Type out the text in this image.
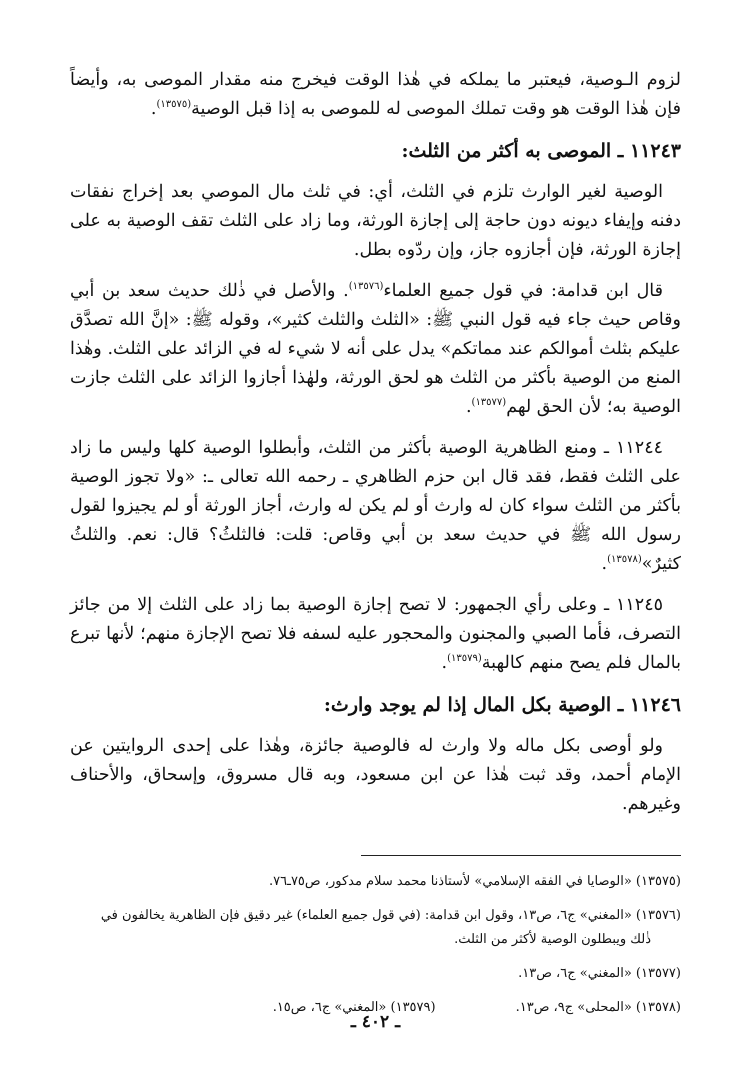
لزوم الـوصية، فيعتبر ما يملكه في هٰذا الوقت فيخرج منه مقدار الموصى به، وأيضاً فإن هٰذا الوقت هو وقت تملك الموصى له للموصى به إذا قبل الوصية$^{(١٣٥٧٥)}$.

١١٢٤٣ ـ الموصى به أكثر من الثلث:

الوصية لغير الوارث تلزم في الثلث، أي: في ثلث مال الموصي بعد إخراج نفقات دفنه وإيفاء ديونه دون حاجة إلى إجازة الورثة، وما زاد على الثلث تقف الوصية به على إجازة الورثة، فإن أجازوه جاز، وإن ردّوه بطل.

قال ابن قدامة: في قول جميع العلماء$^{(١٣٥٧٦)}$. والأصل في ذٰلك حديث سعد بن أبي وقاص حيث جاء فيه قول النبي ﷺ: «الثلث والثلث كثير»، وقوله ﷺ: «إنَّ الله تصدَّق عليكم بثلث أموالكم عند مماتكم» يدل على أنه لا شيء له في الزائد على الثلث. وهٰذا المنع من الوصية بأكثر من الثلث هو لحق الورثة، ولهٰذا أجازوا الزائد على الثلث جازت الوصية به؛ لأن الحق لهم$^{(١٣٥٧٧)}$.

١١٢٤٤ ـ ومنع الظاهرية الوصية بأكثر من الثلث، وأبطلوا الوصية كلها وليس ما زاد على الثلث فقط، فقد قال ابن حزم الظاهري ـ رحمه الله تعالى ـ: «ولا تجوز الوصية بأكثر من الثلث سواء كان له وارث أو لم يكن له وارث، أجاز الورثة أو لم يجيزوا لقول رسول الله ﷺ في حديث سعد بن أبي وقاص: قلت: فالثلثُ؟ قال: نعم. والثلثُ كثيرٌ»$^{(١٣٥٧٨)}$.

١١٢٤٥ ـ وعلى رأي الجمهور: لا تصح إجازة الوصية بما زاد على الثلث إلا من جائز التصرف، فأما الصبي والمجنون والمحجور عليه لسفه فلا تصح الإجازة منهم؛ لأنها تبرع بالمال فلم يصح منهم كالهبة$^{(١٣٥٧٩)}$.

١١٢٤٦ ـ الوصية بكل المال إذا لم يوجد وارث:

ولو أوصى بكل ماله ولا وارث له فالوصية جائزة، وهٰذا على إحدى الروايتين عن الإمام أحمد، وقد ثبت هٰذا عن ابن مسعود، وبه قال مسروق، وإسحاق، والأحناف وغيرهم.

(١٣٥٧٥) «الوصايا في الفقه الإسلامي» لأستاذنا محمد سلام مدكور، ص٧٥ـ٧٦.

(١٣٥٧٦) «المغني» ج٦، ص١٣، وقول ابن قدامة: (في قول جميع العلماء) غير دقيق فإن الظاهرية يخالفون في
ذٰلك ويبطلون الوصية لأكثر من الثلث.

(١٣٥٧٧) «المغني» ج٦، ص١٣.

(١٣٥٧٨) «المحلى» ج٩، ص١٣.
(١٣٥٧٩) «المغني» ج٦، ص١٥.
ـ ٤٠٢ ـ
